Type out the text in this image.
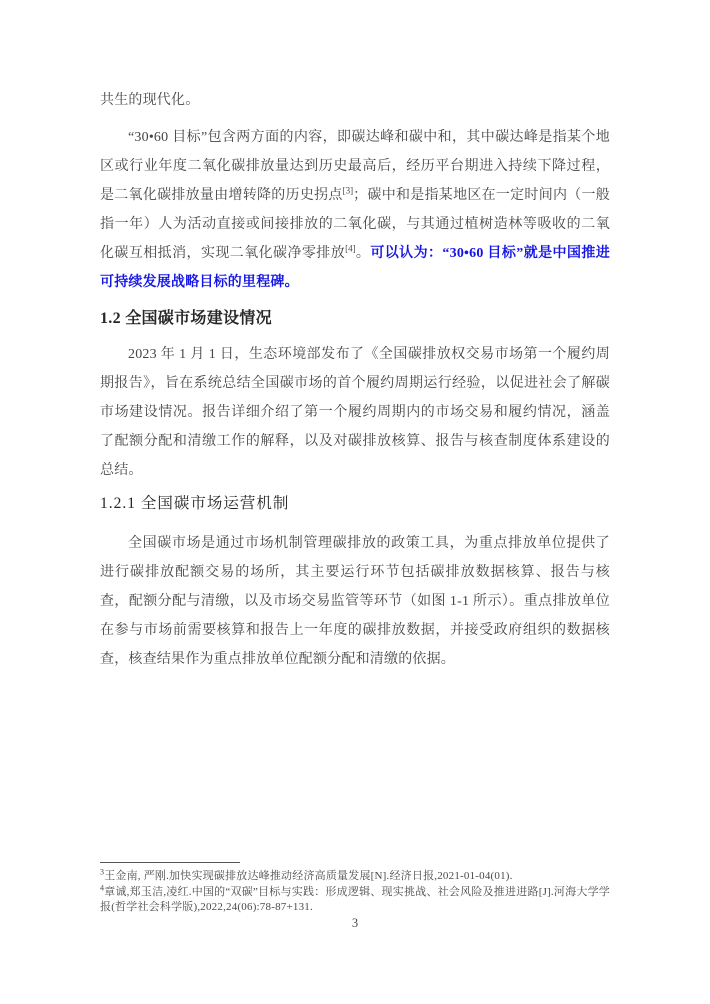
共生的现代化。

“30•60 目标”包含两方面的内容，即碳达峰和碳中和，其中碳达峰是指某个地区或行业年度二氧化碳排放量达到历史最高后，经历平台期进入持续下降过程，是二氧化碳排放量由增转降的历史拐点[3]；碳中和是指某地区在一定时间内（一般指一年）人为活动直接或间接排放的二氧化碳，与其通过植树造林等吸收的二氧化碳互相抵消，实现二氧化碳净零排放[4]。可以认为：“30•60 目标”就是中国推进可持续发展战略目标的里程碑。

1.2 全国碳市场建设情况

2023 年 1 月 1 日，生态环境部发布了《全国碳排放权交易市场第一个履约周期报告》，旨在系统总结全国碳市场的首个履约周期运行经验，以促进社会了解碳市场建设情况。报告详细介绍了第一个履约周期内的市场交易和履约情况，涵盖了配额分配和清缴工作的解释，以及对碳排放核算、报告与核查制度体系建设的总结。

1.2.1 全国碳市场运营机制

全国碳市场是通过市场机制管理碳排放的政策工具，为重点排放单位提供了进行碳排放配额交易的场所，其主要运行环节包括碳排放数据核算、报告与核查，配额分配与清缴，以及市场交易监管等环节（如图 1-1 所示）。重点排放单位在参与市场前需要核算和报告上一年度的碳排放数据，并接受政府组织的数据核查，核查结果作为重点排放单位配额分配和清缴的依据。

$^3$王金南, 严刚.加快实现碳排放达峰推动经济高质量发展[N].经济日报,2021-01-04(01).

$^4$章诚,郑玉洁,凌红.中国的“双碳”目标与实践：形成逻辑、现实挑战、社会风险及推进进路[J].河海大学学报(哲学社会科学版),2022,24(06):78-87+131.

3
